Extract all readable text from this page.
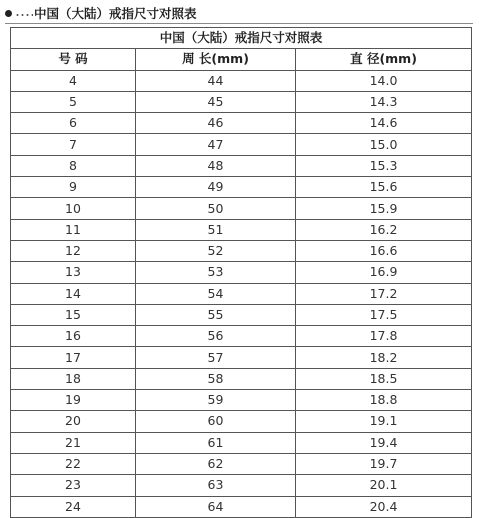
中国（大陆）戒指尺寸对照表
中国（大陆）戒指尺寸对照表		
号 码	周 长(mm)	直 径(mm)
4	44	14.0
5	45	14.3
6	46	14.6
7	47	15.0
8	48	15.3
9	49	15.6
10	50	15.9
11	51	16.2
12	52	16.6
13	53	16.9
14	54	17.2
15	55	17.5
16	56	17.8
17	57	18.2
18	58	18.5
19	59	18.8
20	60	19.1
21	61	19.4
22	62	19.7
23	63	20.1
24	64	20.4
